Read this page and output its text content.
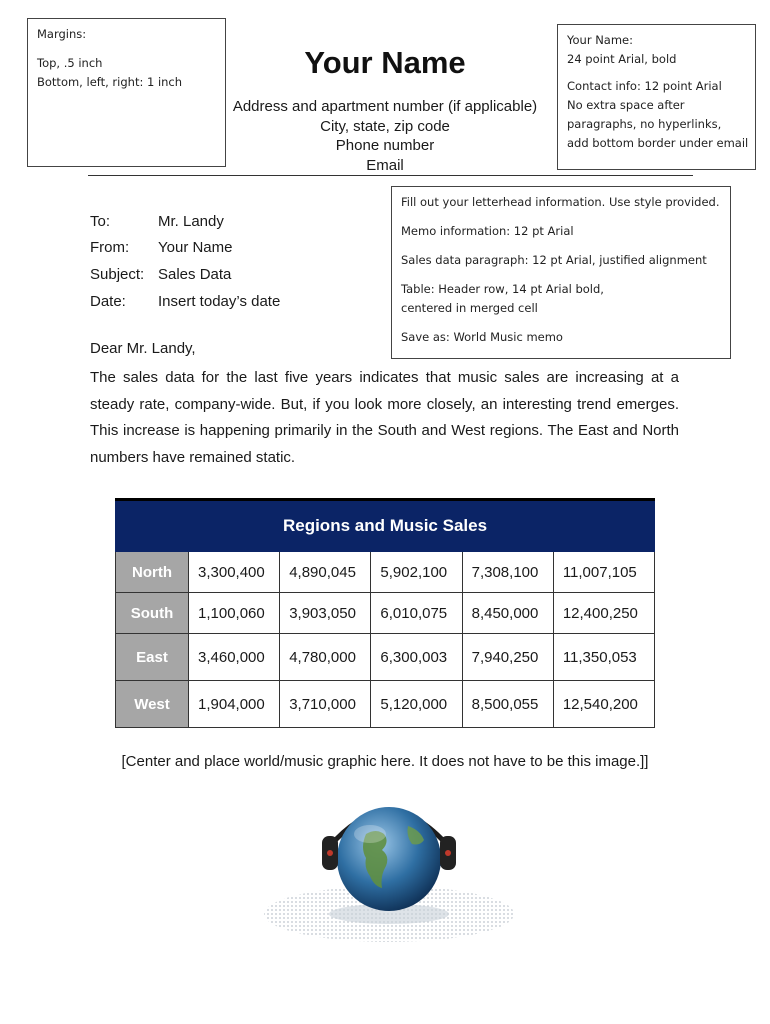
Margins:
Top, .5 inch
Bottom, left, right: 1 inch
Your Name:
24 point Arial, bold
Contact info: 12 point Arial
No extra space after
paragraphs, no hyperlinks,
add bottom border under email
Your Name
Address and apartment number (if applicable)
City, state, zip code
Phone number
Email
Fill out your letterhead information. Use style provided.
Memo information: 12 pt Arial
Sales data paragraph: 12 pt Arial, justified alignment
Table: Header row, 14 pt Arial bold,
centered in merged cell
Save as: World Music memo
To:	Mr. Landy
From: Your Name
Subject: Sales Data
Date: Insert today’s date
Dear Mr. Landy,
The sales data for the last five years indicates that music sales are increasing at a steady rate, company-wide. But, if you look more closely, an interesting trend emerges. This increase is happening primarily in the South and West regions. The East and North numbers have remained static.
Regions and Music Sales					
North	3,300,400	4,890,045	5,902,100	7,308,100	11,007,105
South	1,100,060	3,903,050	6,010,075	8,450,000	12,400,250
East	3,460,000	4,780,000	6,300,003	7,940,250	11,350,053
West	1,904,000	3,710,000	5,120,000	8,500,055	12,540,200
[Center and place world/music graphic here. It does not have to be this image.]]
